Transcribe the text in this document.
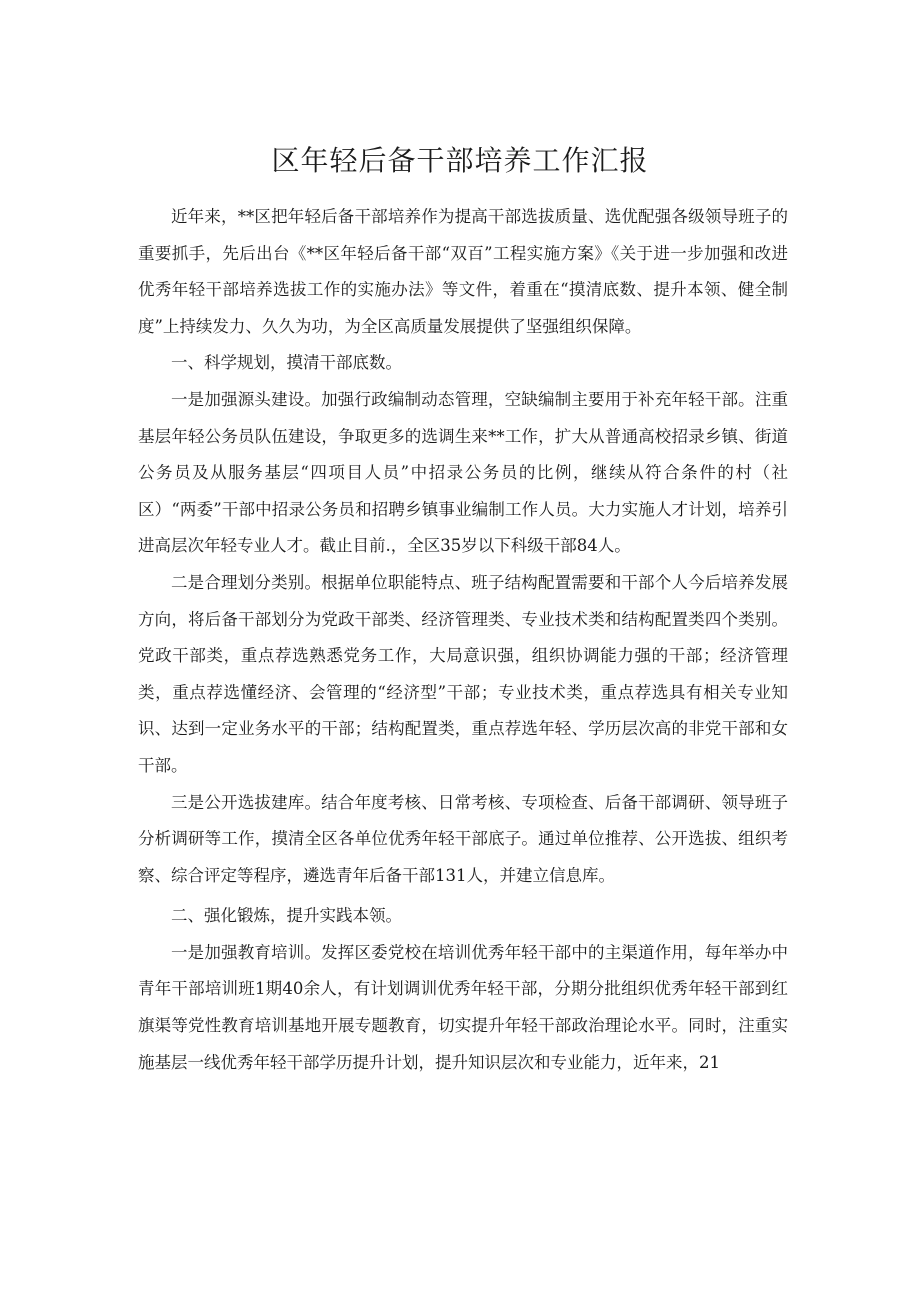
区年轻后备干部培养工作汇报

近年来，**区把年轻后备干部培养作为提高干部选拔质量、选优配强各级领导班子的重要抓手，先后出台《**区年轻后备干部“双百”工程实施方案》《关于进一步加强和改进优秀年轻干部培养选拔工作的实施办法》等文件，着重在“摸清底数、提升本领、健全制度”上持续发力、久久为功，为全区高质量发展提供了坚强组织保障。

一、科学规划，摸清干部底数。

一是加强源头建设。加强行政编制动态管理，空缺编制主要用于补充年轻干部。注重基层年轻公务员队伍建设，争取更多的选调生来**工作，扩大从普通高校招录乡镇、街道公务员及从服务基层“四项目人员”中招录公务员的比例，继续从符合条件的村（社区）“两委”干部中招录公务员和招聘乡镇事业编制工作人员。大力实施人才计划，培养引进高层次年轻专业人才。截止目前.，全区35岁以下科级干部84人。

二是合理划分类别。根据单位职能特点、班子结构配置需要和干部个人今后培养发展方向，将后备干部划分为党政干部类、经济管理类、专业技术类和结构配置类四个类别。党政干部类，重点荐选熟悉党务工作，大局意识强，组织协调能力强的干部；经济管理类，重点荐选懂经济、会管理的“经济型”干部；专业技术类，重点荐选具有相关专业知识、达到一定业务水平的干部；结构配置类，重点荐选年轻、学历层次高的非党干部和女干部。

三是公开选拔建库。结合年度考核、日常考核、专项检查、后备干部调研、领导班子分析调研等工作，摸清全区各单位优秀年轻干部底子。通过单位推荐、公开选拔、组织考察、综合评定等程序，遴选青年后备干部131人，并建立信息库。

二、强化锻炼，提升实践本领。

一是加强教育培训。发挥区委党校在培训优秀年轻干部中的主渠道作用，每年举办中青年干部培训班1期40余人，有计划调训优秀年轻干部，分期分批组织优秀年轻干部到红旗渠等党性教育培训基地开展专题教育，切实提升年轻干部政治理论水平。同时，注重实施基层一线优秀年轻干部学历提升计划，提升知识层次和专业能力，近年来，21
